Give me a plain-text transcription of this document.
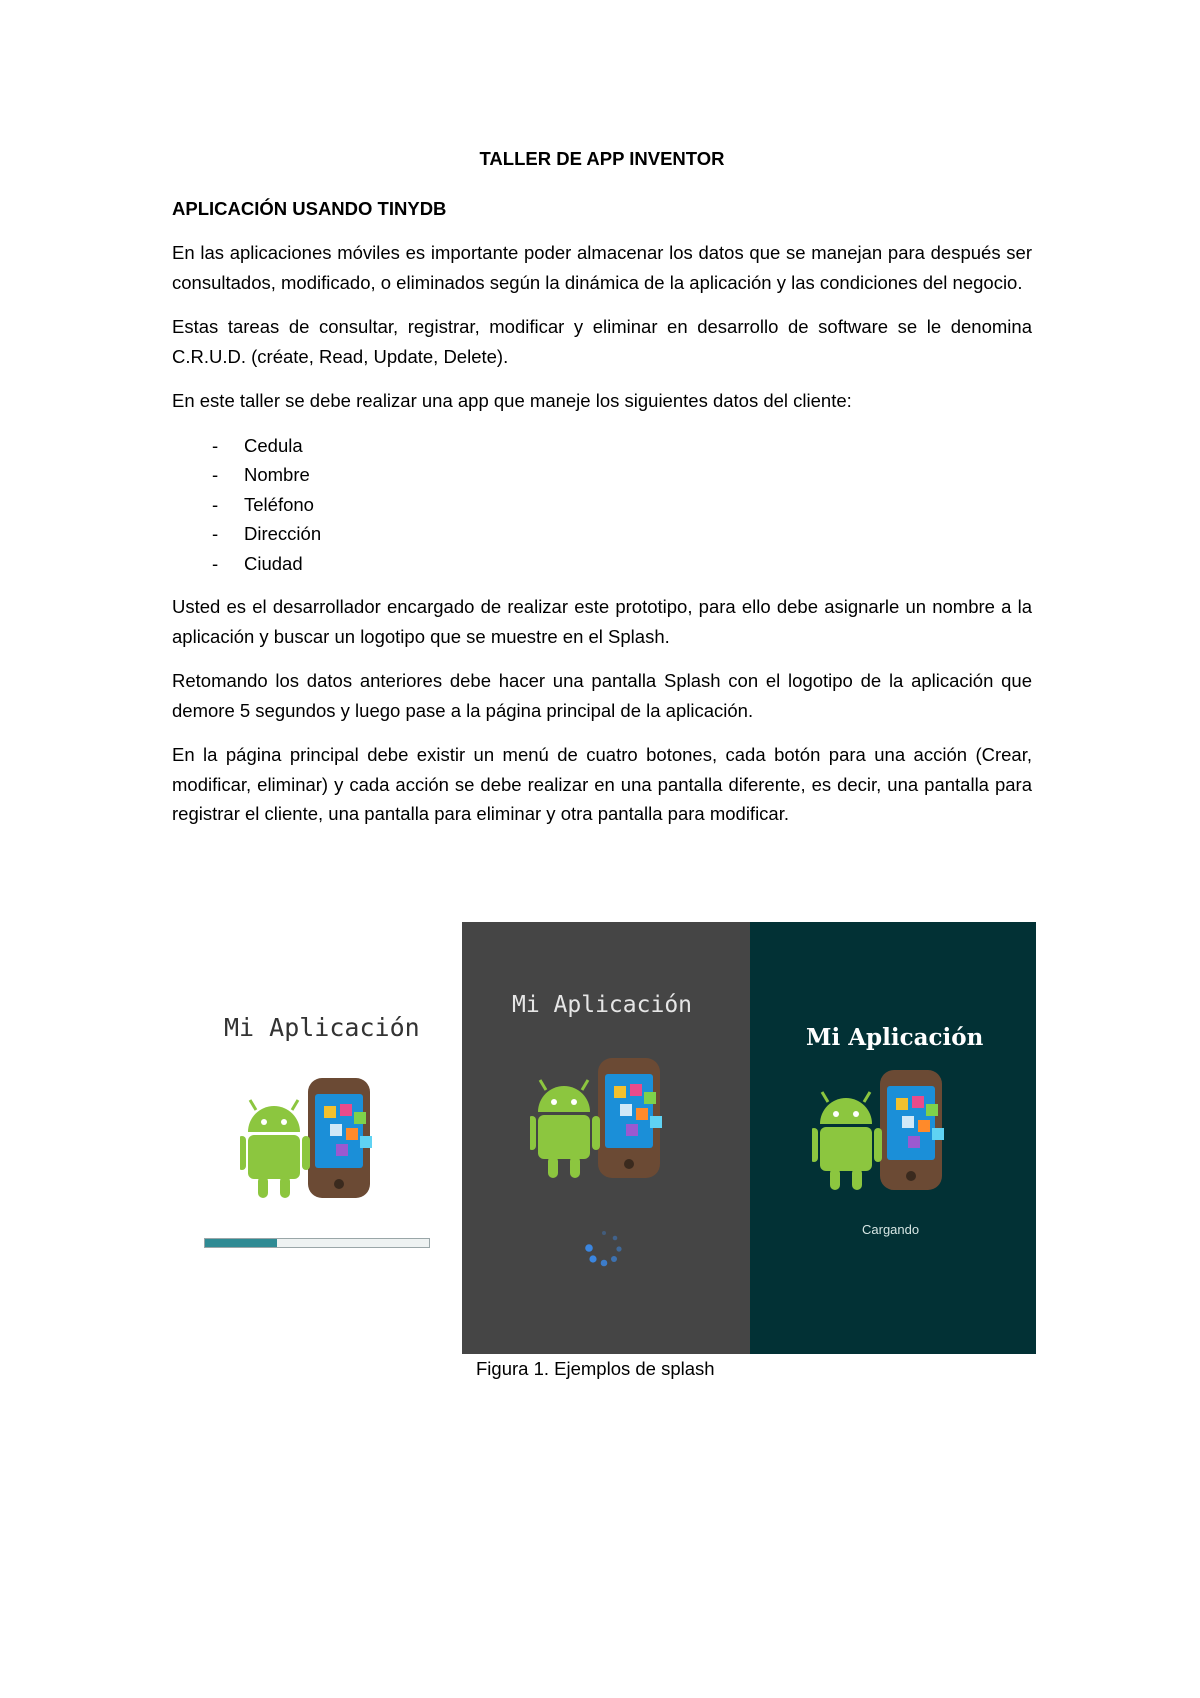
TALLER DE APP INVENTOR
APLICACIÓN USANDO TINYDB

En las aplicaciones móviles es importante poder almacenar los datos que se manejan para después ser consultados, modificado, o eliminados según la dinámica de la aplicación y las condiciones del negocio.

Estas tareas de consultar, registrar, modificar y eliminar en desarrollo de software se le denomina C.R.U.D. (créate, Read, Update, Delete).

En este taller se debe realizar una app que maneje los siguientes datos del cliente:

-	Cedula
-	Nombre
-	Teléfono
-	Dirección
-	Ciudad

Usted es el desarrollador encargado de realizar este prototipo, para ello debe asignarle un nombre a la aplicación y buscar un logotipo que se muestre en el Splash.

Retomando los datos anteriores debe hacer una pantalla Splash con el logotipo de la aplicación que demore 5 segundos y luego pase a la página principal de la aplicación.

En la página principal debe existir un menú de cuatro botones, cada botón para una acción (Crear, modificar, eliminar) y cada acción se debe realizar en una pantalla diferente, es decir, una pantalla para registrar el cliente, una pantalla para eliminar y otra pantalla para modificar.

Mi Aplicación
Mi Aplicación
Mi Aplicación
Cargando
Figura 1. Ejemplos de splash
